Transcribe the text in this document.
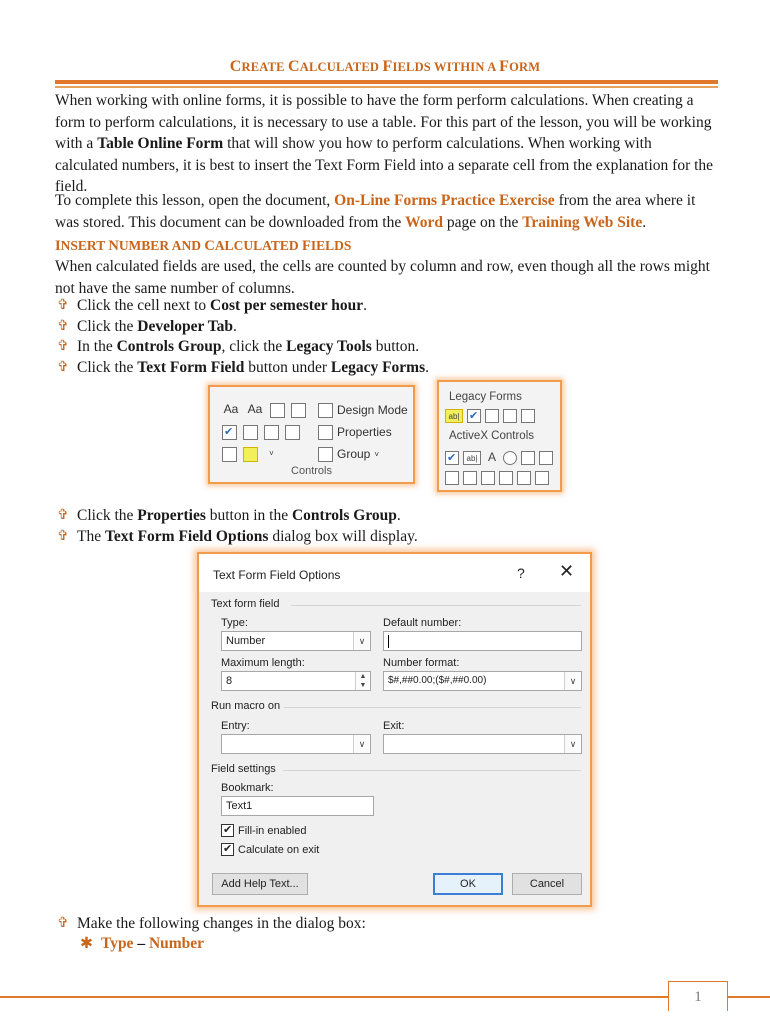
CREATE CALCULATED FIELDS WITHIN A FORM

When working with online forms, it is possible to have the form perform calculations. When creating a form to perform calculations, it is necessary to use a table. For this part of the lesson, you will be working with a Table Online Form that will show you how to perform calculations. When working with calculated numbers, it is best to insert the Text Form Field into a separate cell from the explanation for the field.

To complete this lesson, open the document, On-Line Forms Practice Exercise from the area where it was stored. This document can be downloaded from the Word page on the Training Web Site.

INSERT NUMBER AND CALCULATED FIELDS

When calculated fields are used, the cells are counted by column and row, even though all the rows might not have the same number of columns.

✞ Click the cell next to Cost per semester hour.
✞ Click the Developer Tab.
✞ In the Controls Group, click the Legacy Tools button.
✞ Click the Text Form Field button under Legacy Forms.
Aa Aa
✔
˅
Design Mode
Properties
Group ˅
Controls
Legacy Forms
ab|
✔
ActiveX Controls
✔
ab| A
✞ Click the Properties button in the Controls Group.
✞ The Text Form Field Options dialog box will display.
Text Form Field Options	? ✕
Text form field
Type:
Number	∨
Default number:
Maximum length:
8	▲
▼
Number format:
$#,##0.00;($#,##0.00)	∨
Run macro on
Entry:
∨
Exit:
∨
Field settings
Bookmark:
Text1
✔
Fill-in enabled
✔
Calculate on exit
Add Help Text...	OK	Cancel
✞ Make the following changes in the dialog box:
✱ Type – Number
1
